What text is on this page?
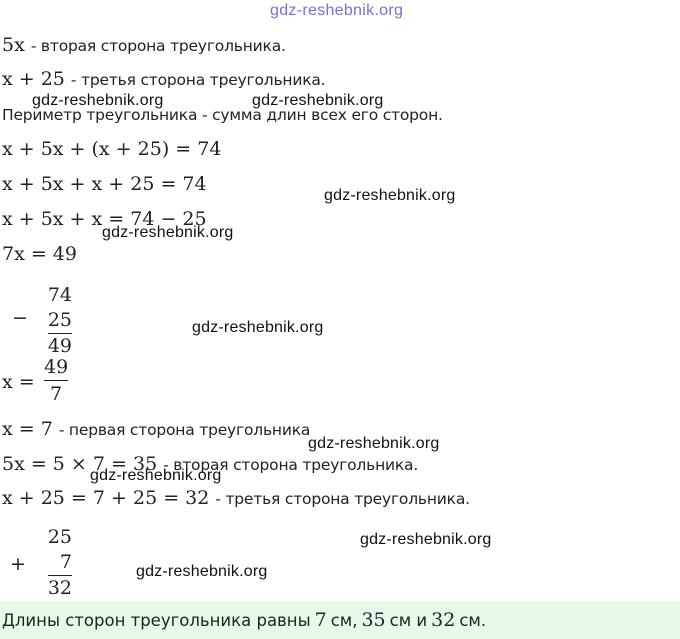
gdz-reshebnik.org
5x - вторая сторона треугольника.
x + 25 - третья сторона треугольника.
gdz-reshebnik.org	gdz-reshebnik.org
Периметр треугольника - сумма длин всех его сторон.
x + 5x + (x + 25) = 74
x + 5x + x + 25 = 74
gdz-reshebnik.org
x + 5x + x = 74 − 25
gdz-reshebnik.org
7x = 49
−
74
25
49
gdz-reshebnik.org
x =
49
7
x = 7 - первая сторона треугольника
gdz-reshebnik.org
5x = 5 × 7 = 35 - вторая сторона треугольника.
gdz-reshebnik.org
x + 25 = 7 + 25 = 32 - третья сторона треугольника.
+
25
7
32
gdz-reshebnik.org
gdz-reshebnik.org
Длины сторон треугольника равны 7 см, 35 см и 32 см.
